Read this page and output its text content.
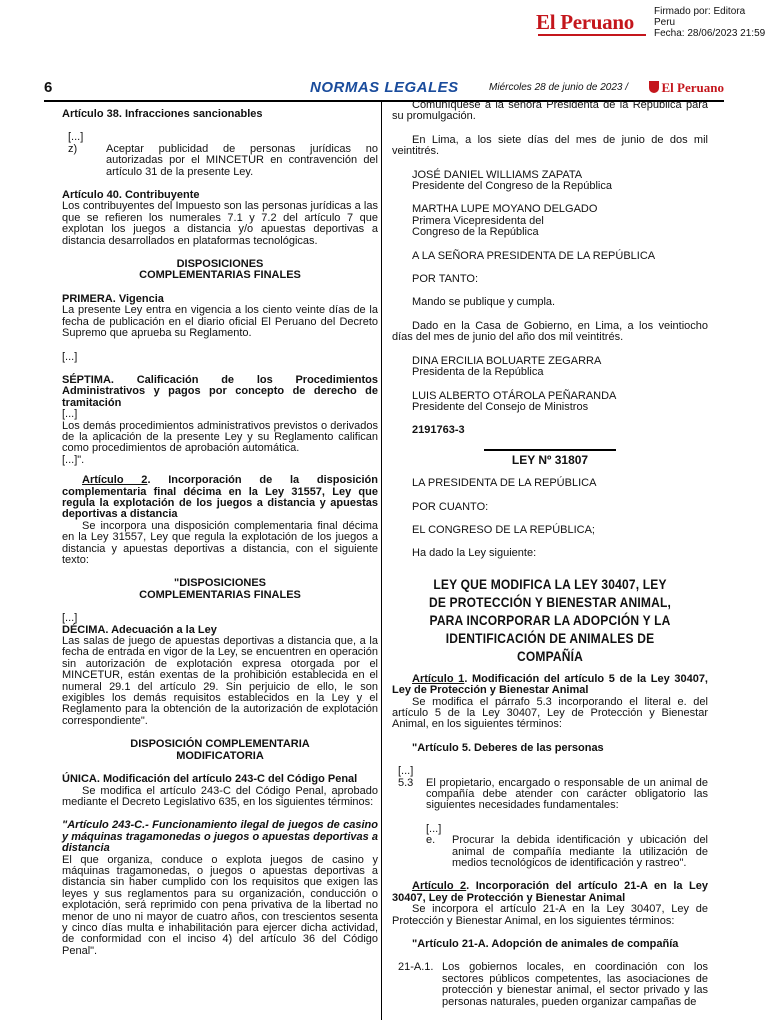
El Peruano Firmado por: Editora
Peru
Fecha: 28/06/2023 21:59
6	NORMAS LEGALES	Miércoles 28 de junio de 2023 /	El Peruano

Artículo 38. Infracciones sancionables

[...]

z)	Aceptar publicidad de personas jurídicas no autorizadas por el MINCETUR en contravención del artículo 31 de la presente Ley.

Artículo 40. Contribuyente

Los contribuyentes del Impuesto son las personas jurídicas a las que se refieren los numerales 7.1 y 7.2 del artículo 7 que explotan los juegos a distancia y/o apuestas deportivas a distancia desarrollados en plataformas tecnológicas.

DISPOSICIONES

COMPLEMENTARIAS FINALES

PRIMERA. Vigencia

La presente Ley entra en vigencia a los ciento veinte días de la fecha de publicación en el diario oficial El Peruano del Decreto Supremo que aprueba su Reglamento.

[...]

SÉPTIMA. Calificación de los Procedimientos Administrativos y pagos por concepto de derecho de tramitación

[...]

Los demás procedimientos administrativos previstos o derivados de la aplicación de la presente Ley y su Reglamento califican como procedimientos de aprobación automática.

[...]".

Artículo 2. Incorporación de la disposición complementaria final décima en la Ley 31557, Ley que regula la explotación de los juegos a distancia y apuestas deportivas a distancia

Se incorpora una disposición complementaria final décima en la Ley 31557, Ley que regula la explotación de los juegos a distancia y apuestas deportivas a distancia, con el siguiente texto:

"DISPOSICIONES

COMPLEMENTARIAS FINALES

[...]

DÉCIMA. Adecuación a la Ley

Las salas de juego de apuestas deportivas a distancia que, a la fecha de entrada en vigor de la Ley, se encuentren en operación sin autorización de explotación expresa otorgada por el MINCETUR, están exentas de la prohibición establecida en el numeral 29.1 del artículo 29. Sin perjuicio de ello, le son exigibles los demás requisitos establecidos en la Ley y el Reglamento para la obtención de la autorización de explotación correspondiente".

DISPOSICIÓN COMPLEMENTARIA

MODIFICATORIA

ÚNICA. Modificación del artículo 243-C del Código Penal

Se modifica el artículo 243-C del Código Penal, aprobado mediante el Decreto Legislativo 635, en los siguientes términos:

"Artículo 243-C.- Funcionamiento ilegal de juegos de casino y máquinas tragamonedas o juegos o apuestas deportivas a distancia

El que organiza, conduce o explota juegos de casino y máquinas tragamonedas, o juegos o apuestas deportivas a distancia sin haber cumplido con los requisitos que exigen las leyes y sus reglamentos para su organización, conducción o explotación, será reprimido con pena privativa de la libertad no menor de uno ni mayor de cuatro años, con trescientos sesenta y cinco días multa e inhabilitación para ejercer dicha actividad, de conformidad con el inciso 4) del artículo 36 del Código Penal".

Comuníquese a la señora Presidenta de la República para su promulgación.

En Lima, a los siete días del mes de junio de dos mil veintitrés.

JOSÉ DANIEL WILLIAMS ZAPATA

Presidente del Congreso de la República

MARTHA LUPE MOYANO DELGADO

Primera Vicepresidenta del

Congreso de la República

A LA SEÑORA PRESIDENTA DE LA REPÚBLICA

POR TANTO:

Mando se publique y cumpla.

Dado en la Casa de Gobierno, en Lima, a los veintiocho días del mes de junio del año dos mil veintitrés.

DINA ERCILIA BOLUARTE ZEGARRA

Presidenta de la República

LUIS ALBERTO OTÁROLA PEÑARANDA

Presidente del Consejo de Ministros

2191763-3

LEY Nº 31807

LA PRESIDENTA DE LA REPÚBLICA

POR CUANTO:

EL CONGRESO DE LA REPÚBLICA;

Ha dado la Ley siguiente:

LEY QUE MODIFICA LA LEY 30407, LEY

DE PROTECCIÓN Y BIENESTAR ANIMAL,

PARA INCORPORAR LA ADOPCIÓN Y LA

IDENTIFICACIÓN DE ANIMALES DE COMPAÑÍA

Artículo 1. Modificación del artículo 5 de la Ley 30407, Ley de Protección y Bienestar Animal

Se modifica el párrafo 5.3 incorporando el literal e. del artículo 5 de la Ley 30407, Ley de Protección y Bienestar Animal, en los siguientes términos:

"Artículo 5. Deberes de las personas

[...]

5.3	El propietario, encargado o responsable de un animal de compañía debe atender con carácter obligatorio las siguientes necesidades fundamentales:

[...]

e.	Procurar la debida identificación y ubicación del animal de compañía mediante la utilización de medios tecnológicos de identificación y rastreo".

Artículo 2. Incorporación del artículo 21-A en la Ley 30407, Ley de Protección y Bienestar Animal

Se incorpora el artículo 21-A en la Ley 30407, Ley de Protección y Bienestar Animal, en los siguientes términos:

"Artículo 21-A. Adopción de animales de compañía

21-A.1. Los gobiernos locales, en coordinación con los sectores públicos competentes, las asociaciones de protección y bienestar animal, el sector privado y las personas naturales, pueden organizar campañas de
